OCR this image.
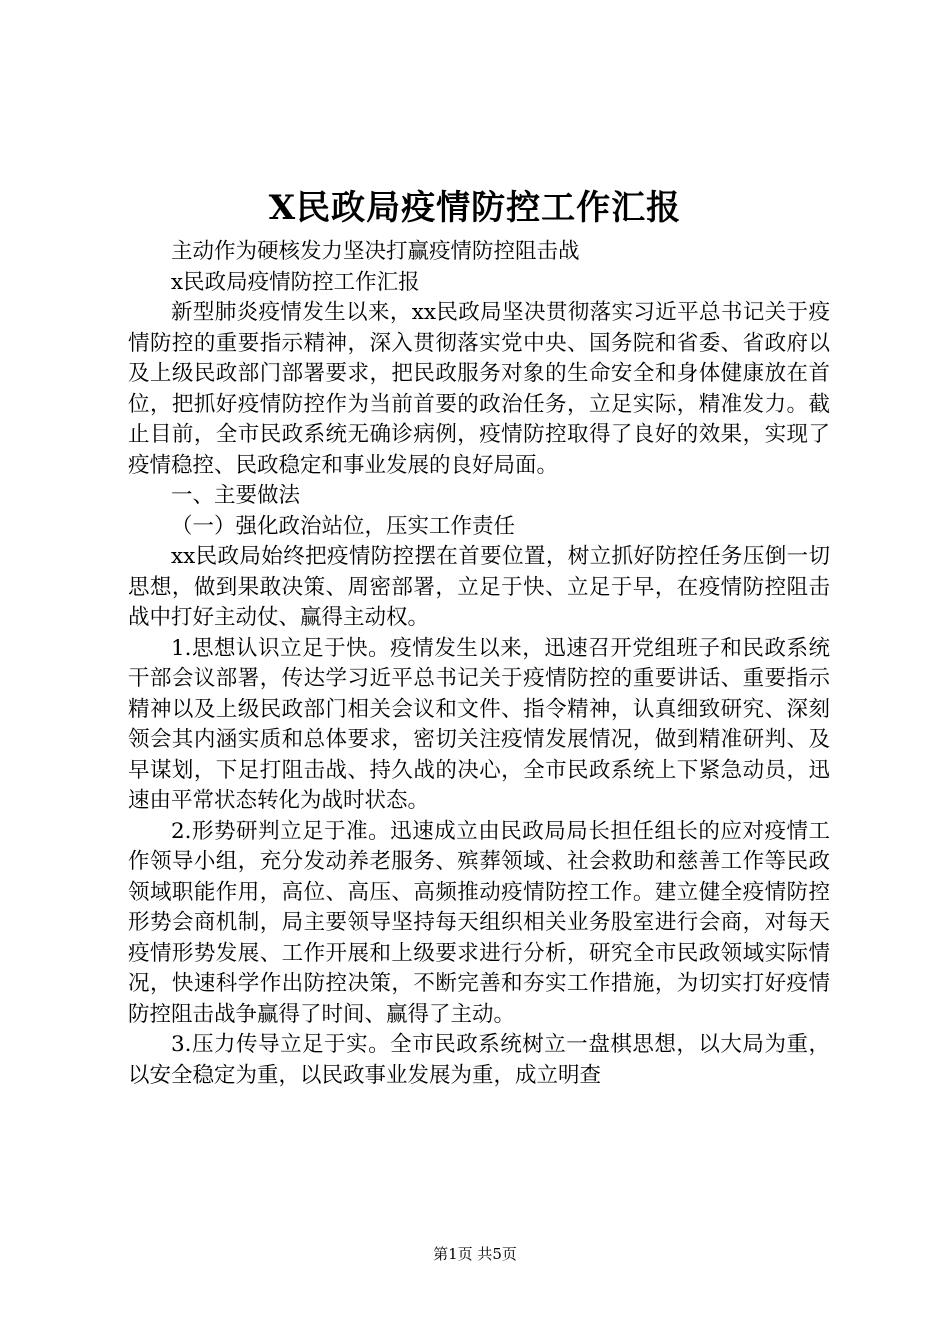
X民政局疫情防控工作汇报

主动作为硬核发力坚决打赢疫情防控阻击战

x民政局疫情防控工作汇报

新型肺炎疫情发生以来，xx民政局坚决贯彻落实习近平总书记关于疫情防控的重要指示精神，深入贯彻落实党中央、国务院和省委、省政府以及上级民政部门部署要求，把民政服务对象的生命安全和身体健康放在首位，把抓好疫情防控作为当前首要的政治任务，立足实际，精准发力。截止目前，全市民政系统无确诊病例，疫情防控取得了良好的效果，实现了疫情稳控、民政稳定和事业发展的良好局面。

一、主要做法

（一）强化政治站位，压实工作责任

xx民政局始终把疫情防控摆在首要位置，树立抓好防控任务压倒一切思想，做到果敢决策、周密部署，立足于快、立足于早，在疫情防控阻击战中打好主动仗、赢得主动权。

1.思想认识立足于快。疫情发生以来，迅速召开党组班子和民政系统干部会议部署，传达学习近平总书记关于疫情防控的重要讲话、重要指示精神以及上级民政部门相关会议和文件、指令精神，认真细致研究、深刻领会其内涵实质和总体要求，密切关注疫情发展情况，做到精准研判、及早谋划，下足打阻击战、持久战的决心，全市民政系统上下紧急动员，迅速由平常状态转化为战时状态。

2.形势研判立足于准。迅速成立由民政局局长担任组长的应对疫情工作领导小组，充分发动养老服务、殡葬领域、社会救助和慈善工作等民政领域职能作用，高位、高压、高频推动疫情防控工作。建立健全疫情防控形势会商机制，局主要领导坚持每天组织相关业务股室进行会商，对每天疫情形势发展、工作开展和上级要求进行分析，研究全市民政领域实际情况，快速科学作出防控决策，不断完善和夯实工作措施，为切实打好疫情防控阻击战争赢得了时间、赢得了主动。

3.压力传导立足于实。全市民政系统树立一盘棋思想，以大局为重，以安全稳定为重，以民政事业发展为重，成立明查

第1页 共5页
